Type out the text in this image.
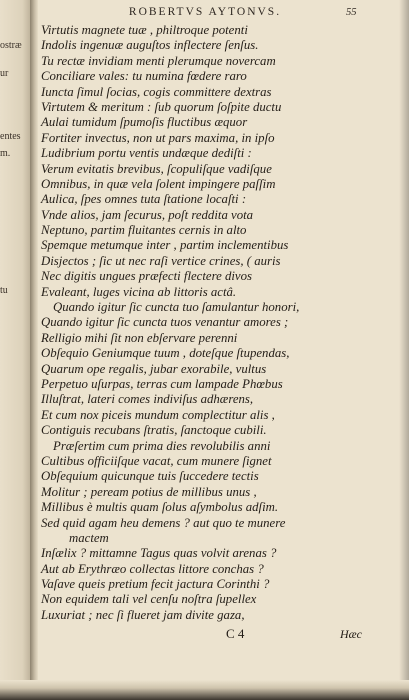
ostræ
ur
entes
m.
tu
ROBERTVS AYTONVS.	55
Virtutis magnete tuæ , philtroque potenti
Indolis ingenuæ auguſtos inflectere ſenſus.
Tu rectæ invidiam menti plerumque novercam
Conciliare vales: tu numina fœdere raro
Iuncta ſimul ſocias, cogis committere dextras
Virtutem & meritum : ſub quorum ſoſpite ductu
Aulai tumidum ſpumoſis fluctibus æquor
Fortiter invectus, non ut pars maxima, in ipſo
Ludibrium portu ventis undæque dediſti :
Verum evitatis brevibus, ſcopuliſque vadiſque
Omnibus, in quæ vela ſolent impingere paſſim
Aulica, ſpes omnes tuta ſtatione locaſti :
Vnde alios, jam ſecurus, poſt reddita vota
Neptuno, partim fluitantes cernis in alto
Spemque metumque inter , partim inclementibus
Disjectos ; ſic ut nec raſi vertice crines, ( auris
Nec digitis ungues præfecti flectere divos
Evaleant, luges vicina ab littoris actâ.
Quando igitur ſic cuncta tuo ſamulantur honori,
Quando igitur ſic cuncta tuos venantur amores ;
Relligio mihi ſit non ebſervare perenni
Obſequio Geniumque tuum , doteſque ſtupendas,
Quarum ope regalis, jubar exorabile, vultus
Perpetuo uſurpas, terras cum lampade Phœbus
Illuſtrat, lateri comes indiviſus adhærens,
Et cum nox piceis mundum complectitur alis ,
Contiguis recubans ſtratis, ſanctoque cubili.
Præſertim cum prima dies revolubilis anni
Cultibus officiiſque vacat, cum munere ſignet
Obſequium quicunque tuis ſuccedere tectis
Molitur ; peream potius de millibus unus ,
Millibus è multis quam ſolus aſymbolus adſim.
Sed quid agam heu demens ? aut quo te munere
mactem
Inſælix ? mittamne Tagus quas volvit arenas ?
Aut ab Erythræo collectas littore conchas ?
Vaſave queis pretium fecit jactura Corinthi ?
Non equidem tali vel cenſu noſtra ſupellex
Luxuriat ; nec ſi flueret jam divite gaza,
C 4	Hæc
